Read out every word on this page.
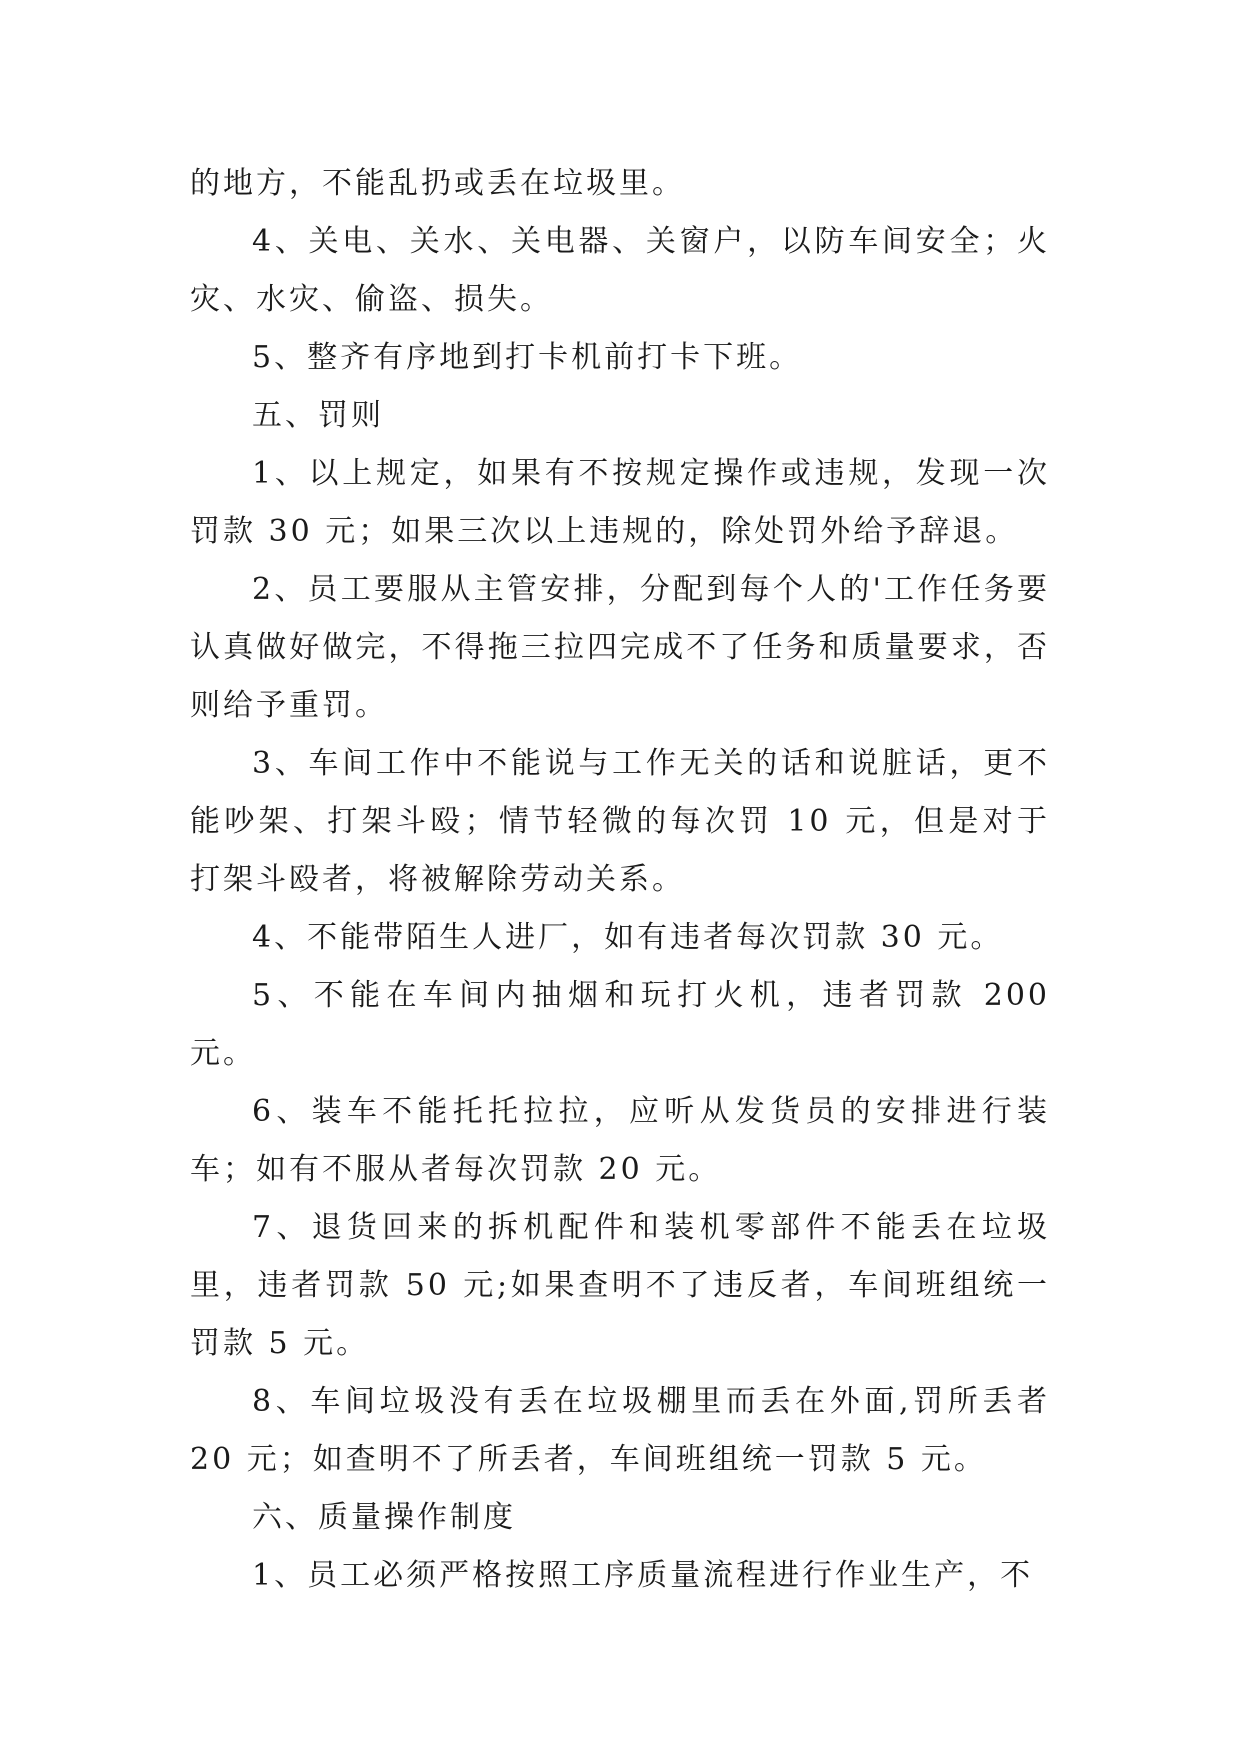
的地方，不能乱扔或丢在垃圾里。

4、关电、关水、关电器、关窗户，以防车间安全；火灾、水灾、偷盗、损失。

5、整齐有序地到打卡机前打卡下班。

五、罚则

1、以上规定，如果有不按规定操作或违规，发现一次罚款 30 元；如果三次以上违规的，除处罚外给予辞退。

2、员工要服从主管安排，分配到每个人的'工作任务要认真做好做完，不得拖三拉四完成不了任务和质量要求，否则给予重罚。

3、车间工作中不能说与工作无关的话和说脏话，更不能吵架、打架斗殴；情节轻微的每次罚 10 元，但是对于打架斗殴者，将被解除劳动关系。

4、不能带陌生人进厂，如有违者每次罚款 30 元。

5、不能在车间内抽烟和玩打火机，违者罚款 200 元。

6、装车不能托托拉拉，应听从发货员的安排进行装车；如有不服从者每次罚款 20 元。

7、退货回来的拆机配件和装机零部件不能丢在垃圾里，违者罚款 50 元;如果查明不了违反者，车间班组统一罚款 5 元。

8、车间垃圾没有丢在垃圾棚里而丢在外面,罚所丢者 20 元；如查明不了所丢者，车间班组统一罚款 5 元。

六、质量操作制度

1、员工必须严格按照工序质量流程进行作业生产，不
